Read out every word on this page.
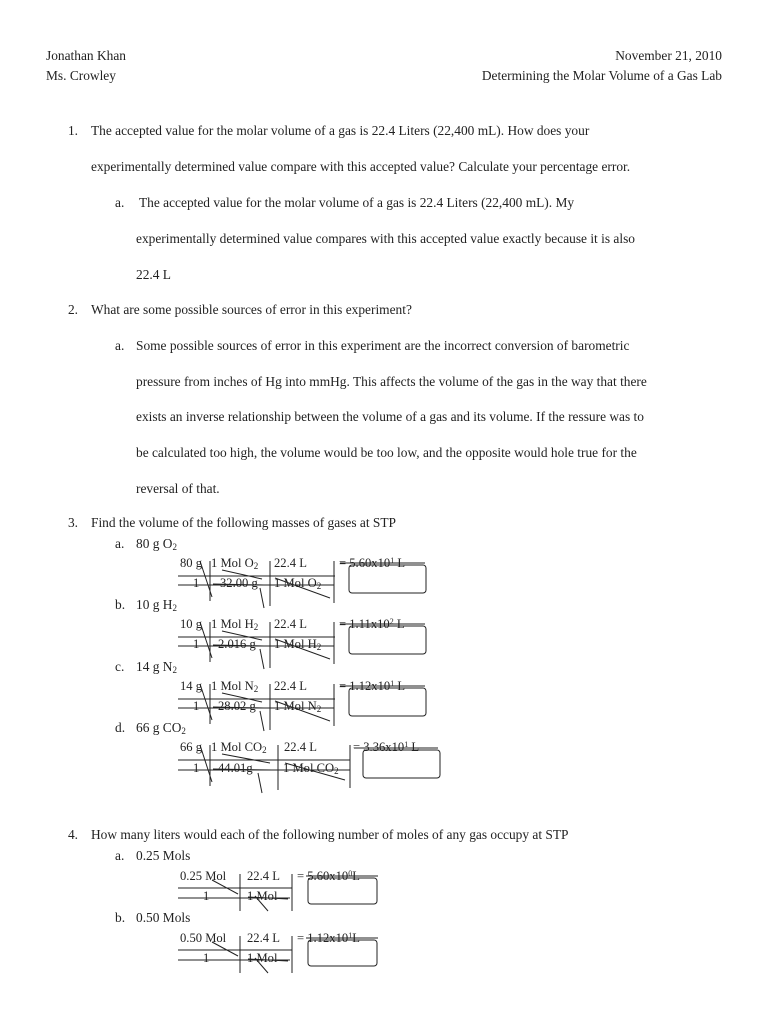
Jonathan Khan
Ms. Crowley
November 21, 2010
Determining the Molar Volume of a Gas Lab
1. The accepted value for the molar volume of a gas is 22.4 Liters (22,400 mL). How does your
experimentally determined value compare with this accepted value? Calculate your percentage error.
a. The accepted value for the molar volume of a gas is 22.4 Liters (22,400 mL). My
experimentally determined value compares with this accepted value exactly because it is also
22.4 L
2. What are some possible sources of error in this experiment?
a. Some possible sources of error in this experiment are the incorrect conversion of barometric
pressure from inches of Hg into mmHg. This affects the volume of the gas in the way that there
exists an inverse relationship between the volume of a gas and its volume. If the ressure was to
be calculated too high, the volume would be too low, and the opposite would hole true for the
reversal of that.
3. Find the volume of the following masses of gases at STP
a. 80 g $O_2$
80 g 1 Mol $O_2$ 22.4 L
1 32.00 g 1 Mol $O_2$
= $5.60x10^1$ L
b. 10 g $H_2$
10 g 1 Mol $H_2$ 22.4 L
1 2.016 g 1 Mol $H_2$
= $1.11x10^2$ L
c. 14 g $N_2$
14 g 1 Mol $N_2$ 22.4 L
1 28.02 g 1 Mol $N_2$
= $1.12x10^1$ L
d. 66 g $CO_2$
66 g 1 Mol $CO_2$ 22.4 L
1 44.01g 1 Mol $CO_2$
= $3.36x10^1$ L
4. How many liters would each of the following number of moles of any gas occupy at STP
a. 0.25 Mols
0.25 Mol 22.4 L
1	1 Mol
= $5.60x10^0L$
b. 0.50 Mols
0.50 Mol 22.4 L
1	1 Mol
= $1.12x10^1L$
